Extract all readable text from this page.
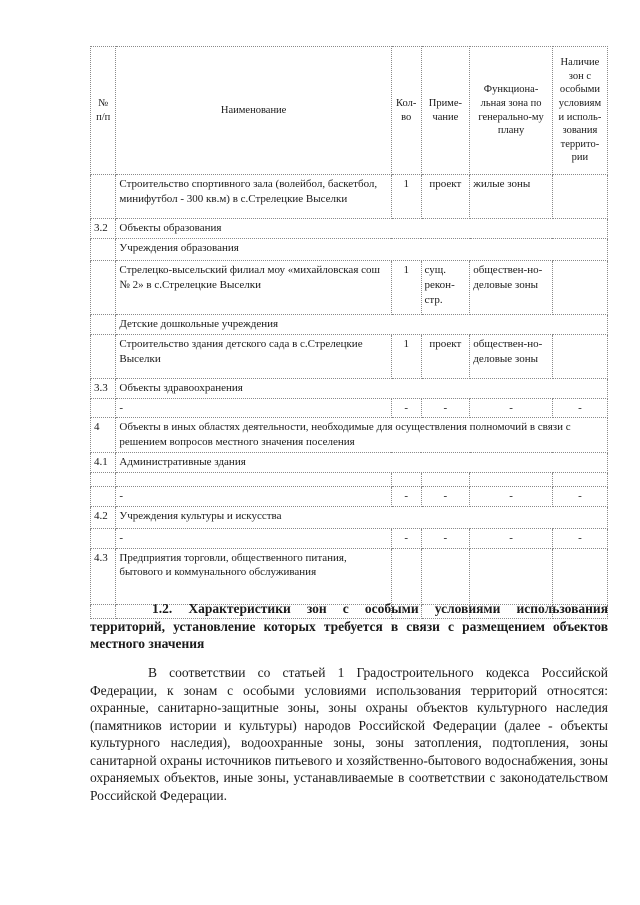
№ п/п	Наименование	Кол-во	Приме-чание	Функциона-льная зона по генерально-му плану	Наличие зон с особыми условиям и исполь-зования террито-рии
	Строительство спортивного зала (волейбол, баскетбол, минифутбол - 300 кв.м) в с.Стрелецкие Выселки	1	проект	жилые зоны	
3.2	Объекты образования				
	Учреждения образования				
	Стрелецко-высельский филиал моу «михайловская сош № 2» в с.Стрелецкие Выселки	1	сущ. рекон-стр.	обществен-но-деловые зоны	
	Детские дошкольные учреждения				
	Строительство здания детского сада в с.Стрелецкие Выселки	1	проект	обществен-но-деловые зоны	
3.3	Объекты здравоохранения				
	-	-	-	-	-
4	Объекты в иных областях деятельности, необходимые для осуществления полномочий в связи с решением вопросов местного значения поселения				
4.1	Административные здания				

	-	-	-	-	-
4.2	Учреждения культуры и искусства				
	-	-	-	-	-
4.3	Предприятия торговли, общественного питания, бытового и коммунального обслуживания				

1.2. Характеристики зон с особыми условиями использования территорий, установление которых требуется в связи с размещением объектов местного значения
В соответствии со статьей 1 Градостроительного кодекса Российской Федерации, к зонам с особыми условиями использования территорий относятся: охранные, санитарно-защитные зоны, зоны охраны объектов культурного наследия (памятников истории и культуры) народов Российской Федерации (далее - объекты культурного наследия), водоохранные зоны, зоны затопления, подтопления, зоны санитарной охраны источников питьевого и хозяйственно-бытового водоснабжения, зоны охраняемых объектов, иные зоны, устанавливаемые в соответствии с законодательством Российской Федерации.
